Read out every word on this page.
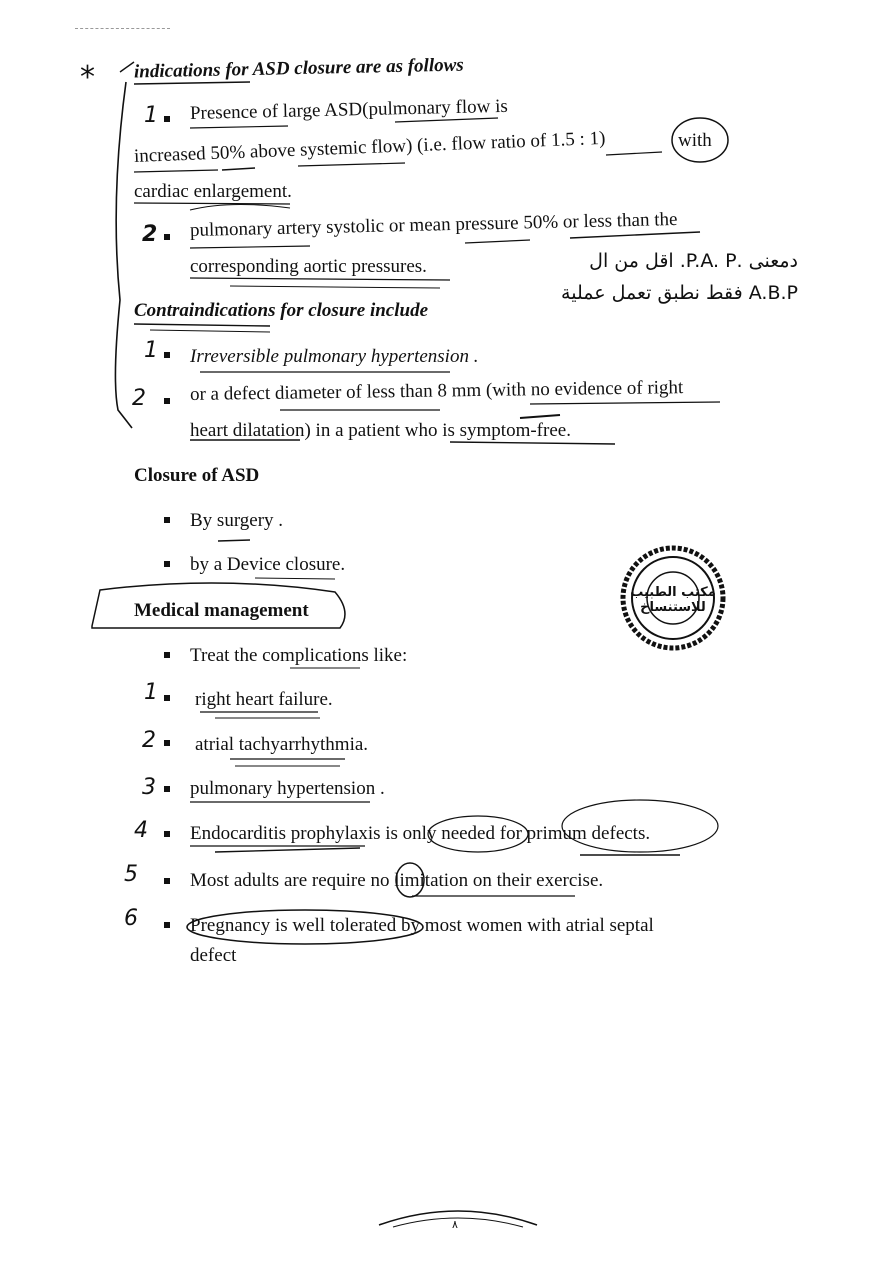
* indications for ASD closure are as follows
1 Presence of large ASD(pulmonary flow is
increased 50% above systemic flow) (i.e. flow ratio of 1.5 : 1)	with
cardiac enlargement.
2 pulmonary artery systolic or mean pressure 50% or less than the
corresponding aortic pressures.	دمعنى .P.A. P. اقل من ال
A.B.P فقط نطبق تعمل عملية
Contraindications for closure include
1 Irreversible pulmonary hypertension .
2 or a defect diameter of less than 8 mm (with no evidence of right
heart dilatation) in a patient who is symptom-free.
Closure of ASD
By surgery .
by a Device closure.
مكتب الطبيب للاستنساخ
Medical management
Treat the complications like:
1 right heart failure.
2 atrial tachyarrhythmia.
3 pulmonary hypertension .
4 Endocarditis prophylaxis is only needed for primum defects.
5	Most adults are require no limitation on their exercise.
6	Pregnancy is well tolerated by most women with atrial septal
defect
٨
